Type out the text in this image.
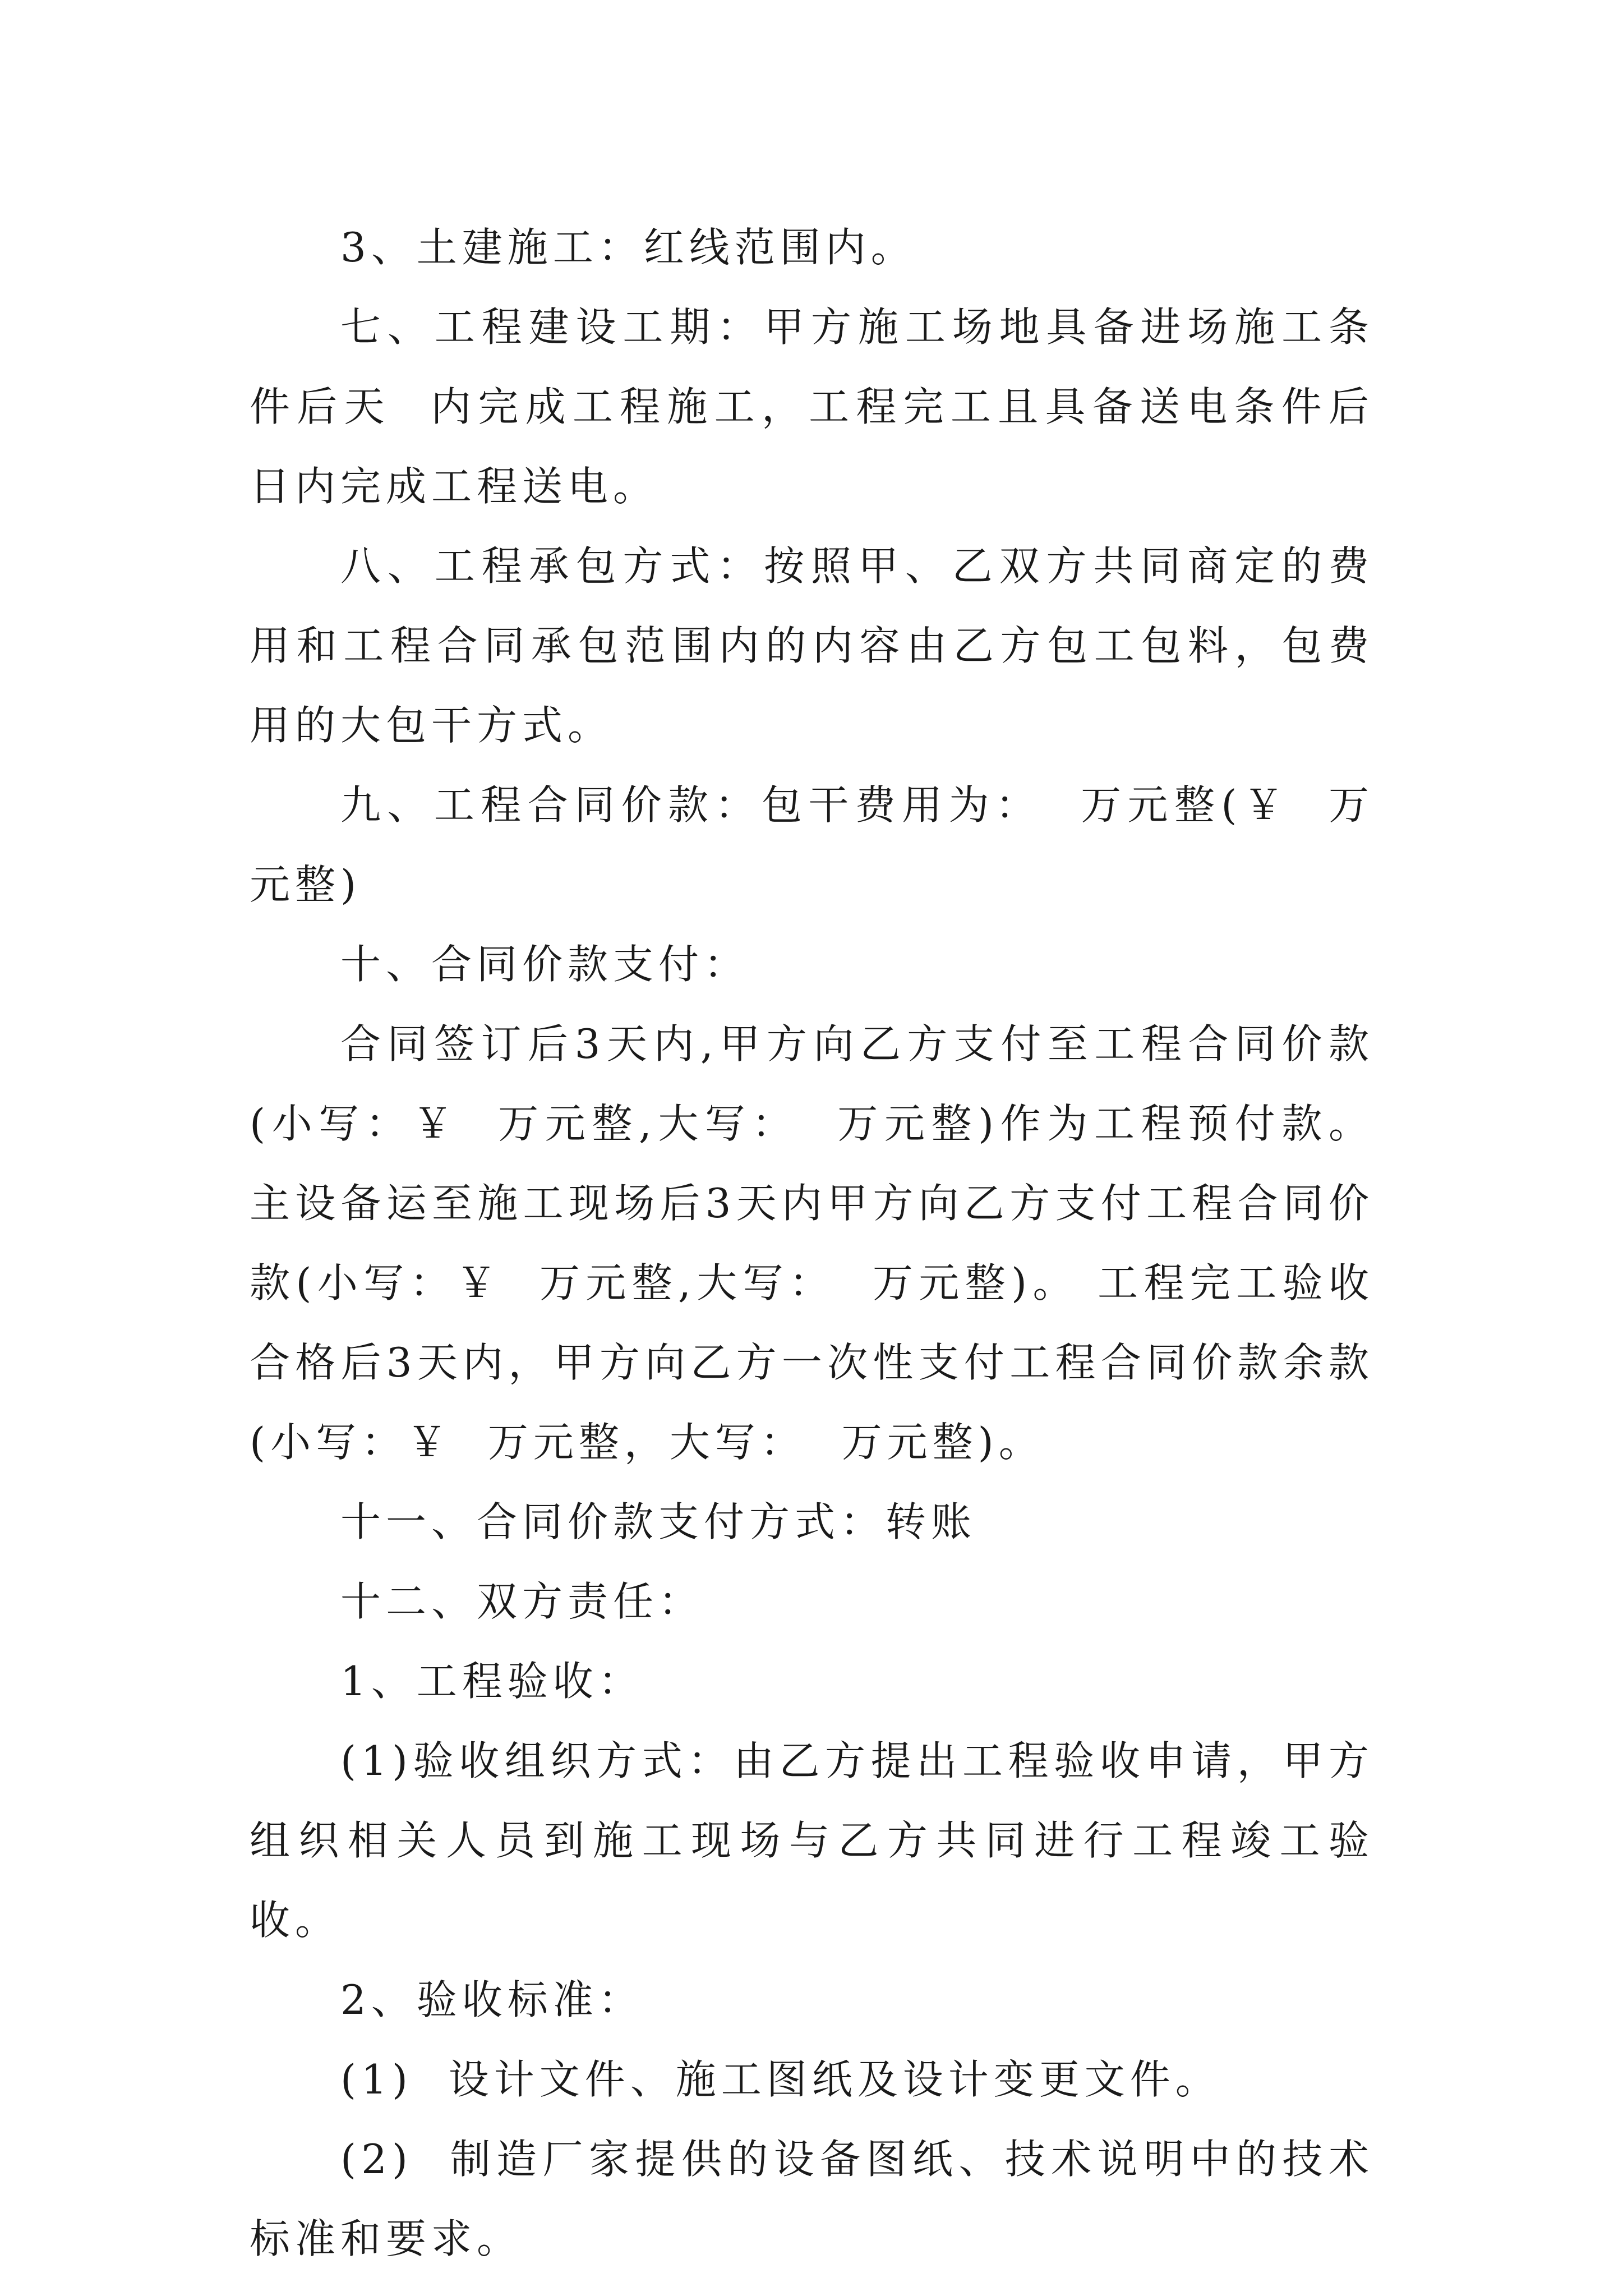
3、土建施工：红线范围内。

七、工程建设工期：甲方施工场地具备进场施工条件后天  内完成工程施工，工程完工且具备送电条件后  日内完成工程送电。

八、工程承包方式：按照甲、乙双方共同商定的费用和工程合同承包范围内的内容由乙方包工包料，包费用的大包干方式。

九、工程合同价款：包干费用为：  万元整(￥  万元整)

十、合同价款支付：

合同签订后3天内,甲方向乙方支付至工程合同价款(小写：￥  万元整,大写：  万元整)作为工程预付款。 主设备运至施工现场后3天内甲方向乙方支付工程合同价款(小写：￥  万元整,大写：  万元整)。 工程完工验收合格后3天内，甲方向乙方一次性支付工程合同价款余款(小写：￥  万元整，大写：  万元整)。

十一、合同价款支付方式：转账

十二、双方责任：

1、工程验收：

(1)验收组织方式：由乙方提出工程验收申请，甲方组织相关人员到施工现场与乙方共同进行工程竣工验收。

2、验收标准：

(1)  设计文件、施工图纸及设计变更文件。

(2)  制造厂家提供的设备图纸、技术说明中的技术标准和要求。
